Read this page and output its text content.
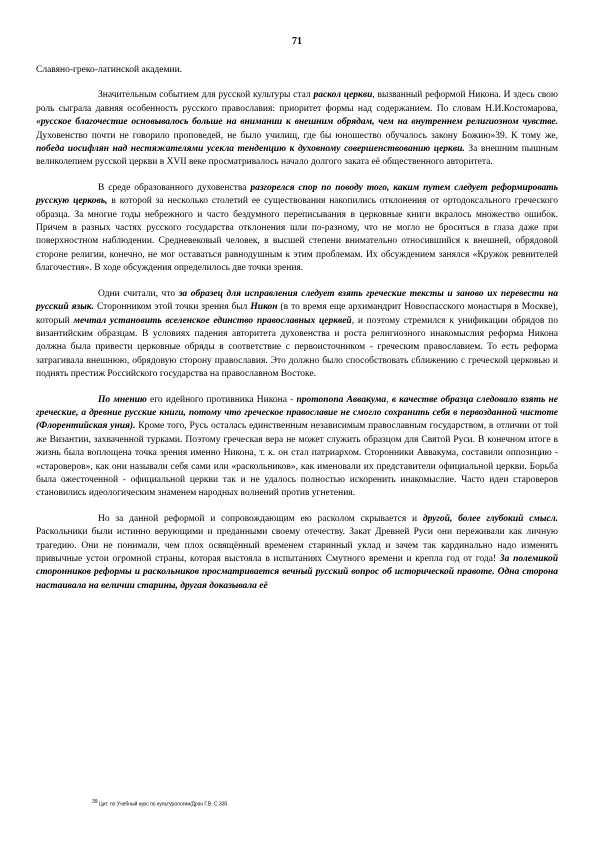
71

Славяно-греко-латинской академии.

Значительным событием для русской культуры стал раскол церкви, вызванный реформой Никона. И здесь свою роль сыграла давняя особенность русского православия: приоритет формы над содержанием. По словам Н.И.Костомарова, «русское благочестие основывалось больше на внимании к внешним обрядам, чем на внутреннем религиозном чувстве. Духовенство почти не говорило проповедей, не было училищ, где бы юношество обучалось закону Божию»39. К тому же, победа иосифлян над нестяжателями усекла тенденцию к духовному совершенствованию церкви. За внешним пышным великолепием русской церкви в XVII веке просматривалось начало долгого заката её общественного авторитета.

В среде образованного духовенства разгорелся спор по поводу того, каким путем следует реформировать русскую церковь, в которой за несколько столетий ее существования накопились отклонения от ортодоксального греческого образца. За многие годы небрежного и часто бездумного переписывания в церковные книги вкралось множество ошибок. Причем в разных частях русского государства отклонения шли по-разному, что не могло не броситься в глаза даже при поверхностном наблюдении. Средневековый человек, в высшей степени внимательно относившийся к внешней, обрядовой стороне религии, конечно, не мог оставаться равнодушным к этим проблемам. Их обсуждением занялся «Кружок ревнителей благочестия». В ходе обсуждения определилось две точки зрения.

Одни считали, что за образец для исправления следует взять греческие тексты и заново их перевести на русский язык. Сторонником этой точки зрения был Никон (в то время еще архимандрит Новоспасского монастыря в Москве), который мечтал установить вселенское единство православных церквей, и поэтому стремился к унификации обрядов по византийским образцам. В условиях падения авторитета духовенства и роста религиозного инакомыслия реформа Никона должна была привести церковные обряды в соответствие с первоисточником - греческим православием. То есть реформа затрагивала внешнюю, обрядовую сторону православия. Это должно было способствовать сближению с греческой церковью и поднять престиж Российского государства на православном Востоке.

По мнению его идейного противника Никона - протопопа Аввакума, в качестве образца следовало взять не греческие, а древние русские книги, потому что греческое православие не смогло сохранить себя в первозданной чистоте (Флорентийская уния). Кроме того, Русь осталась единственным независимым православным государством, в отличии от той же Византии, захваченной турками. Поэтому греческая вера не может служить образцом для Святой Руси. В конечном итоге в жизнь была воплощена точка зрения именно Никона, т. к. он стал патриархом. Сторонники Аввакума, составили оппозицию - «староверов», как они называли себя сами или «раскольников», как именовали их представители официальной церкви. Борьба была ожесточенной - официальной церкви так и не удалось полностью искоренить инакомыслие. Часто идеи староверов становились идеологическим знаменем народных волнений против угнетения.

Но за данной реформой и сопровождающим ею расколом скрывается и другой, более глубокий смысл. Раскольники были истинно верующими и преданными своему отечеству. Закат Древней Руси они переживали как личную трагедию. Они не понимали, чем плох освящённый временем старинный уклад и зачем так кардинально надо изменять привычные устои огромной страны, которая выстояла в испытаниях Смутного времени и крепла год от года! За полемикой сторонников реформы и раскольников просматривается вечный русский вопрос об исторической правоте. Одна сторона настаивала на величии старины, другая доказывала её

$^{39}$ Цит. по:Учебный курс по культурологии/Драч Г.В. С.330.
